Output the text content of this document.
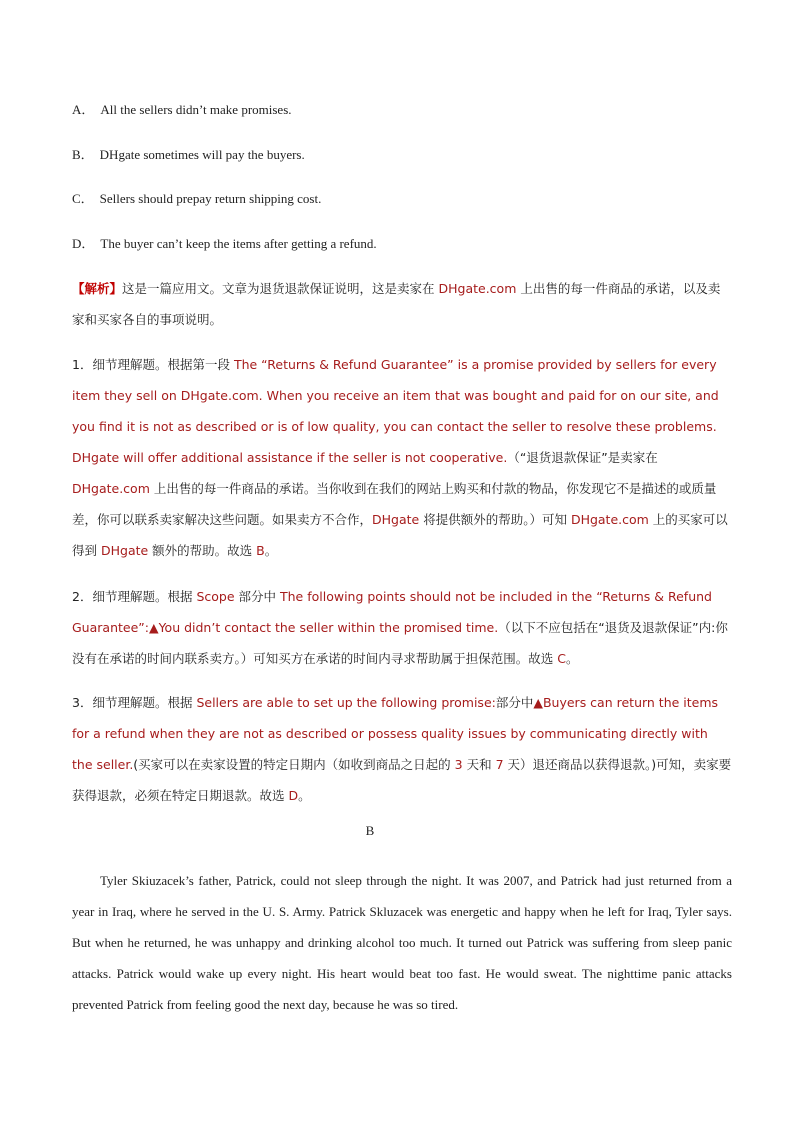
A． All the sellers didn’t make promises.
B． DHgate sometimes will pay the buyers.
C． Sellers should prepay return shipping cost.
D． The buyer can’t keep the items after getting a refund.
【解析】这是一篇应用文。文章为退货退款保证说明，这是卖家在 DHgate.com 上出售的每一件商品的承诺，以及卖家和买家各自的事项说明。
1．细节理解题。根据第一段 The “Returns & Refund Guarantee” is a promise provided by sellers for every item they sell on DHgate.com. When you receive an item that was bought and paid for on our site, and you find it is not as described or is of low quality, you can contact the seller to resolve these problems. DHgate will offer additional assistance if the seller is not cooperative.（“退货退款保证”是卖家在 DHgate.com 上出售的每一件商品的承诺。当你收到在我们的网站上购买和付款的物品，你发现它不是描述的或质量差，你可以联系卖家解决这些问题。如果卖方不合作，DHgate 将提供额外的帮助。）可知 DHgate.com 上的买家可以得到 DHgate 额外的帮助。故选 B。
2．细节理解题。根据 Scope 部分中 The following points should not be included in the “Returns & Refund Guarantee”:▲You didn’t contact the seller within the promised time.（以下不应包括在“退货及退款保证”内:你没有在承诺的时间内联系卖方。）可知买方在承诺的时间内寻求帮助属于担保范围。故选 C。
3．细节理解题。根据 Sellers are able to set up the following promise:部分中▲Buyers can return the items for a refund when they are not as described or possess quality issues by communicating directly with the seller.(买家可以在卖家设置的特定日期内（如收到商品之日起的 3 天和 7 天）退还商品以获得退款。)可知，卖家要获得退款，必须在特定日期退款。故选 D。
B
Tyler Skiuzacek’s father, Patrick, could not sleep through the night. It was 2007, and Patrick had just returned from a year in Iraq, where he served in the U. S. Army. Patrick Skluzacek was energetic and happy when he left for Iraq, Tyler says. But when he returned, he was unhappy and drinking alcohol too much. It turned out Patrick was suffering from sleep panic attacks. Patrick would wake up every night. His heart would beat too fast. He would sweat. The nighttime panic attacks prevented Patrick from feeling good the next day, because he was so tired.
